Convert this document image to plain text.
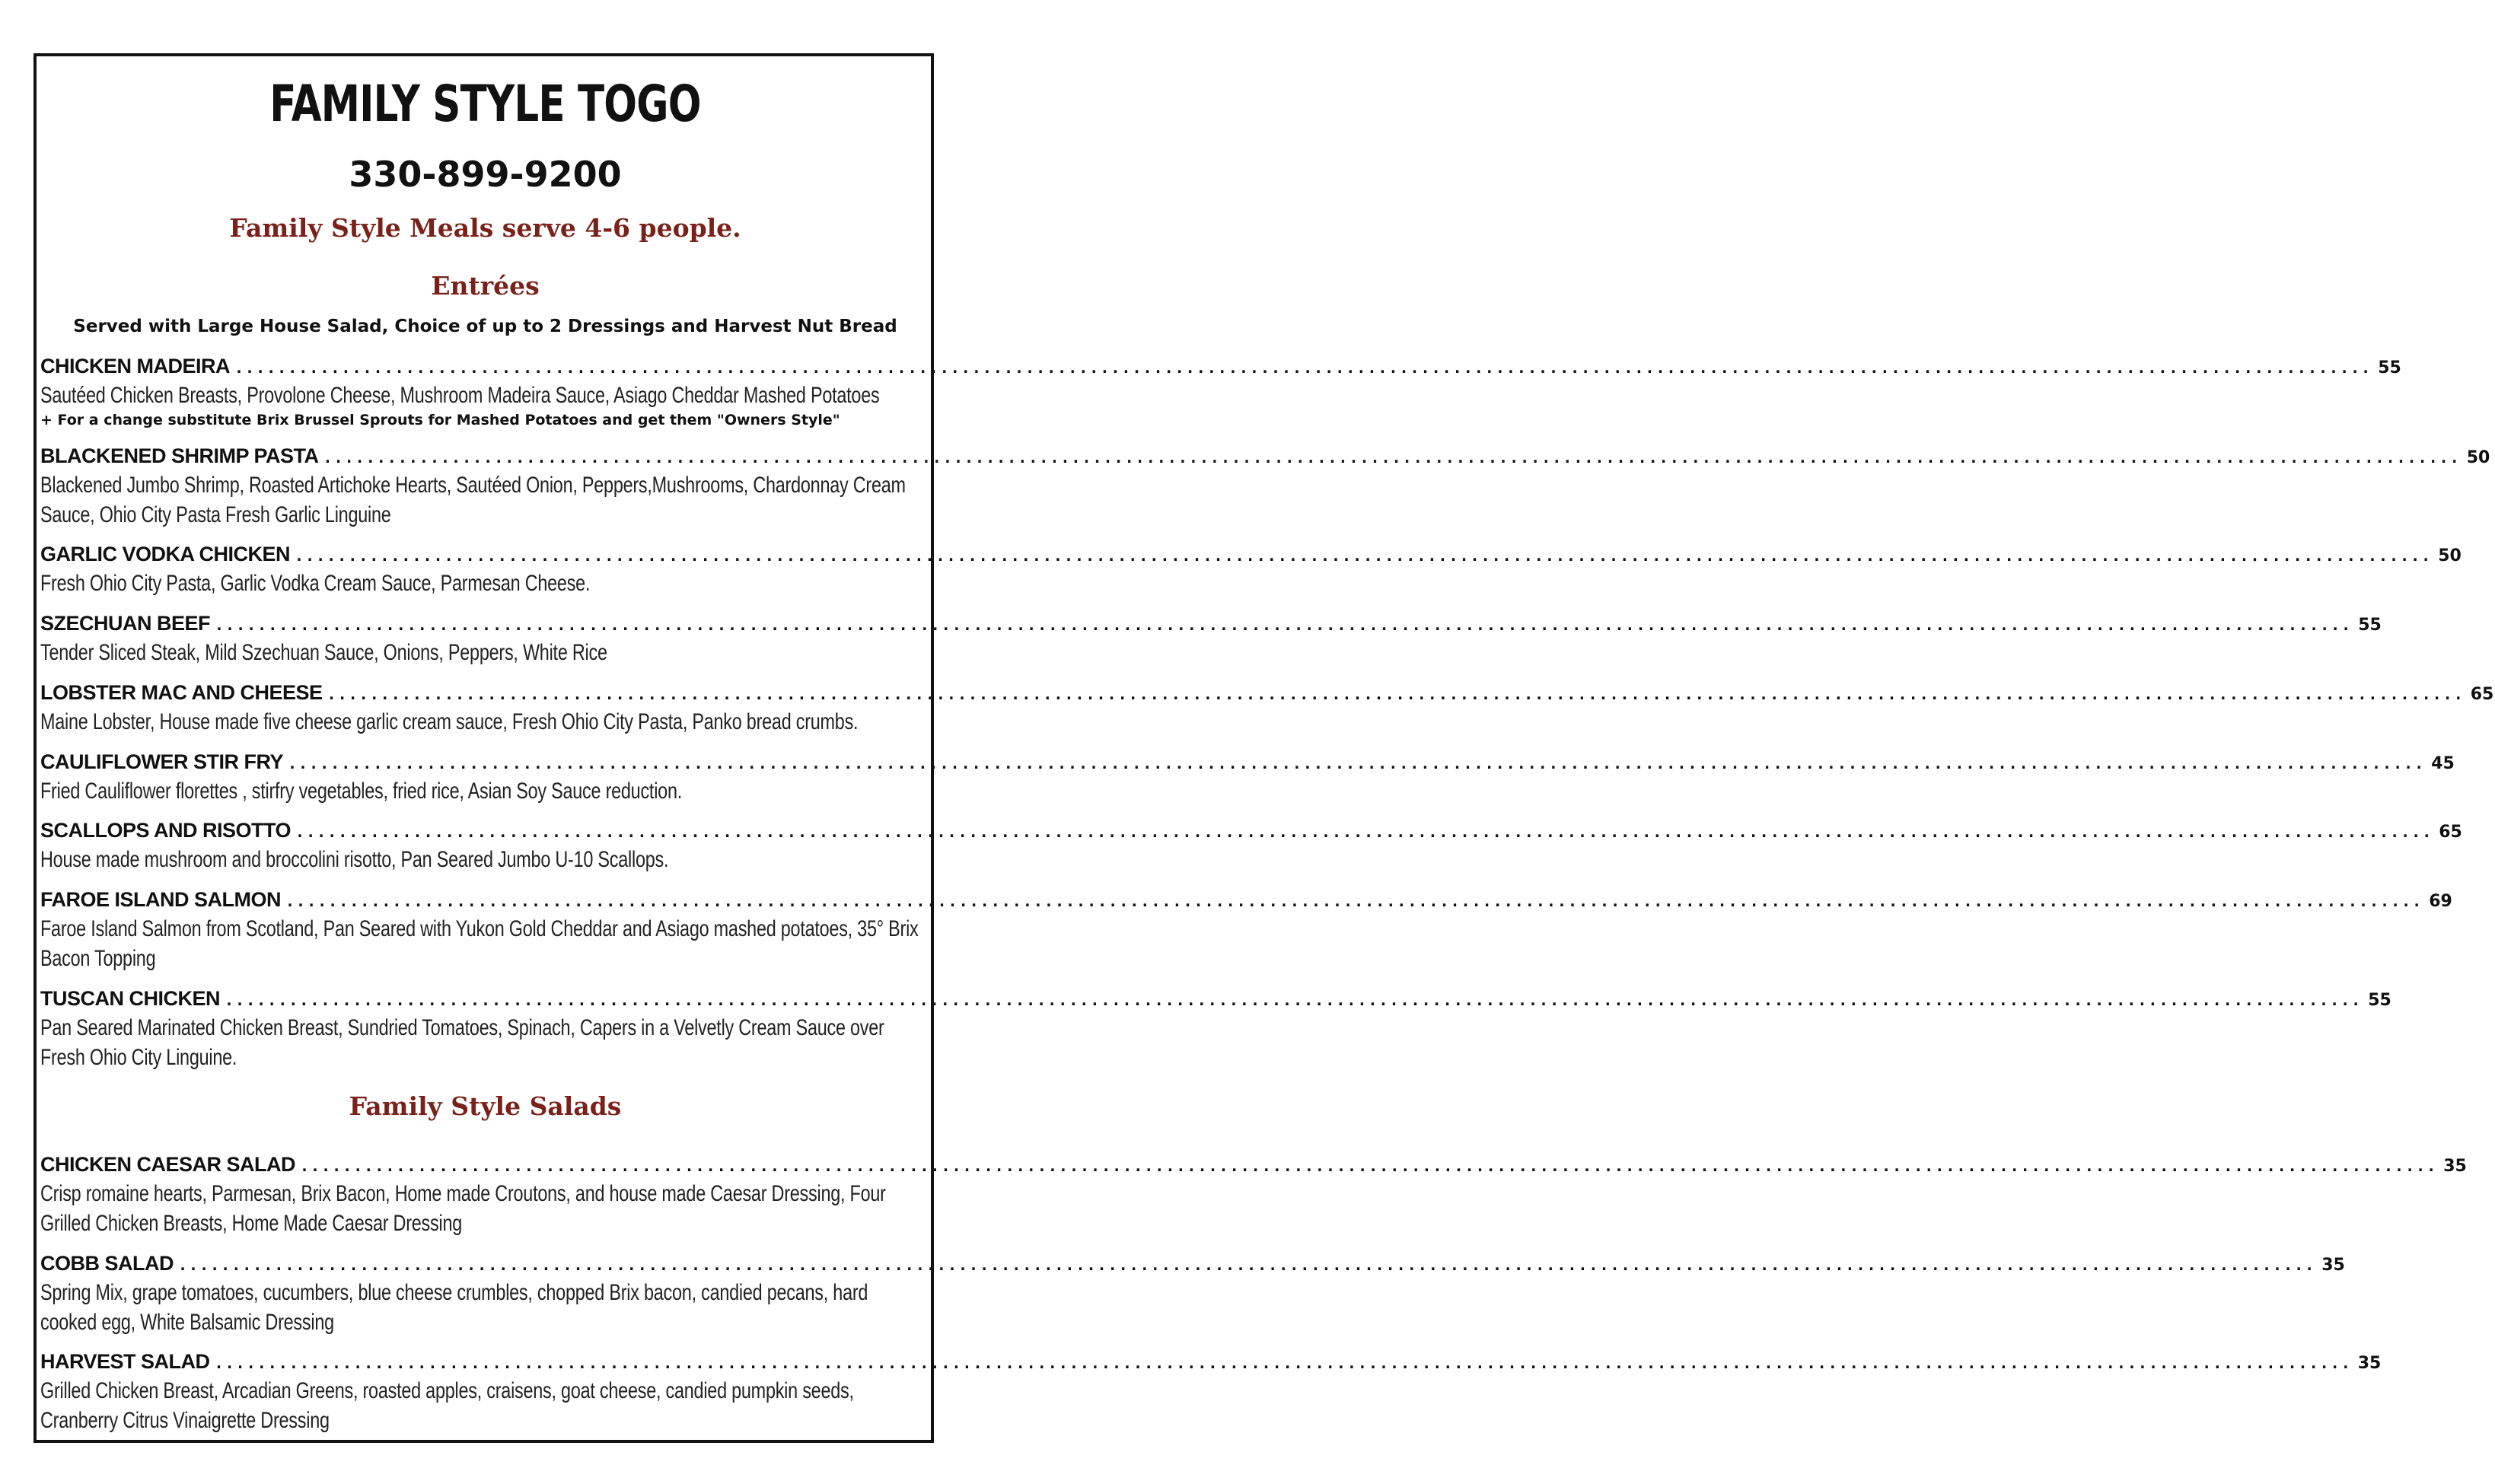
FAMILY STYLE TOGO
330-899-9200
Family Style Meals serve 4-6 people.
Entrées
Served with Large House Salad, Choice of up to 2 Dressings and Harvest Nut Bread
CHICKEN MADEIRA ........................................................................................................................................................................................................ 55
Sautéed Chicken Breasts, Provolone Cheese, Mushroom Madeira Sauce, Asiago Cheddar Mashed Potatoes
+ For a change substitute Brix Brussel Sprouts for Mashed Potatoes and get them "Owners Style"
BLACKENED SHRIMP PASTA ........................................................................................................................................................................................................ 50
Blackened Jumbo Shrimp, Roasted Artichoke Hearts, Sautéed Onion, Peppers,Mushrooms, Chardonnay Cream Sauce, Ohio City Pasta Fresh Garlic Linguine
GARLIC VODKA CHICKEN ........................................................................................................................................................................................................ 50
Fresh Ohio City Pasta, Garlic Vodka Cream Sauce, Parmesan Cheese.
SZECHUAN BEEF ........................................................................................................................................................................................................ 55
Tender Sliced Steak, Mild Szechuan Sauce, Onions, Peppers, White Rice
LOBSTER MAC AND CHEESE ........................................................................................................................................................................................................ 65
Maine Lobster, House made five cheese garlic cream sauce, Fresh Ohio City Pasta, Panko bread crumbs.
CAULIFLOWER STIR FRY ........................................................................................................................................................................................................ 45
Fried Cauliflower florettes , stirfry vegetables, fried rice, Asian Soy Sauce reduction.
SCALLOPS AND RISOTTO ........................................................................................................................................................................................................ 65
House made mushroom and broccolini risotto, Pan Seared Jumbo U-10 Scallops.
FAROE ISLAND SALMON ........................................................................................................................................................................................................ 69
Faroe Island Salmon from Scotland, Pan Seared with Yukon Gold Cheddar and Asiago mashed potatoes, 35° Brix Bacon Topping
TUSCAN CHICKEN ........................................................................................................................................................................................................ 55
Pan Seared Marinated Chicken Breast, Sundried Tomatoes, Spinach, Capers in a Velvetly Cream Sauce over Fresh Ohio City Linguine.
Family Style Salads
CHICKEN CAESAR SALAD ........................................................................................................................................................................................................ 35
Crisp romaine hearts, Parmesan, Brix Bacon, Home made Croutons, and house made Caesar Dressing, Four Grilled Chicken Breasts, Home Made Caesar Dressing
COBB SALAD ........................................................................................................................................................................................................ 35
Spring Mix, grape tomatoes, cucumbers, blue cheese crumbles, chopped Brix bacon, candied pecans, hard cooked egg, White Balsamic Dressing
HARVEST SALAD ........................................................................................................................................................................................................ 35
Grilled Chicken Breast, Arcadian Greens, roasted apples, craisens, goat cheese, candied pumpkin seeds, Cranberry Citrus Vinaigrette Dressing
